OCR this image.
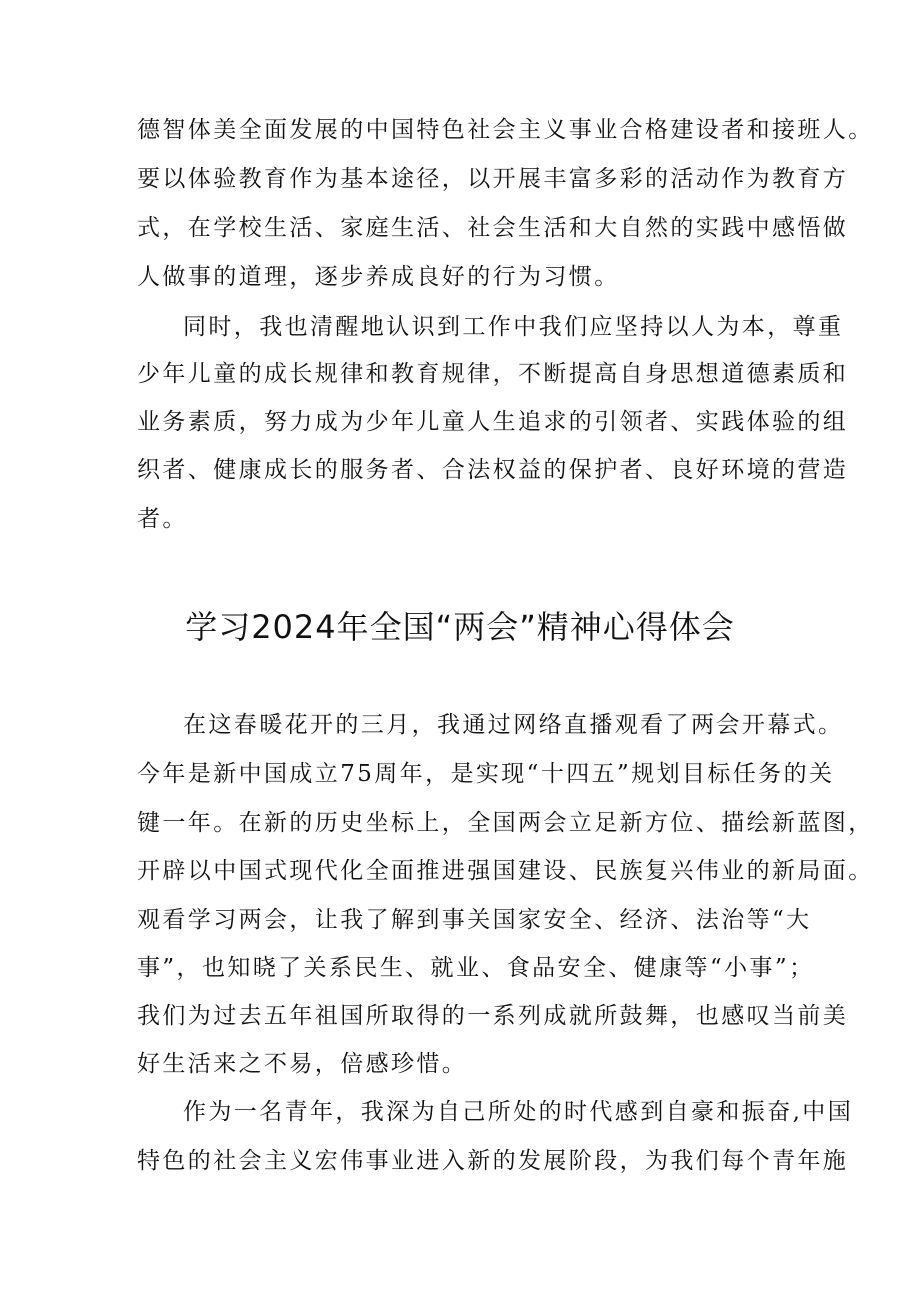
德智体美全面发展的中国特色社会主义事业合格建设者和接班人。
要以体验教育作为基本途径，以开展丰富多彩的活动作为教育方
式，在学校生活、家庭生活、社会生活和大自然的实践中感悟做
人做事的道理，逐步养成良好的行为习惯。
同时，我也清醒地认识到工作中我们应坚持以人为本，尊重
少年儿童的成长规律和教育规律，不断提高自身思想道德素质和
业务素质，努力成为少年儿童人生追求的引领者、实践体验的组
织者、健康成长的服务者、合法权益的保护者、良好环境的营造
者。
学习2024年全国“两会”精神心得体会
在这春暖花开的三月，我通过网络直播观看了两会开幕式。
今年是新中国成立75周年，是实现“十四五”规划目标任务的关
键一年。在新的历史坐标上，全国两会立足新方位、描绘新蓝图，
开辟以中国式现代化全面推进强国建设、民族复兴伟业的新局面。
观看学习两会，让我了解到事关国家安全、经济、法治等“大
事”，也知晓了关系民生、就业、食品安全、健康等“小事”；
我们为过去五年祖国所取得的一系列成就所鼓舞，也感叹当前美
好生活来之不易，倍感珍惜。
作为一名青年，我深为自己所处的时代感到自豪和振奋,中国
特色的社会主义宏伟事业进入新的发展阶段，为我们每个青年施
